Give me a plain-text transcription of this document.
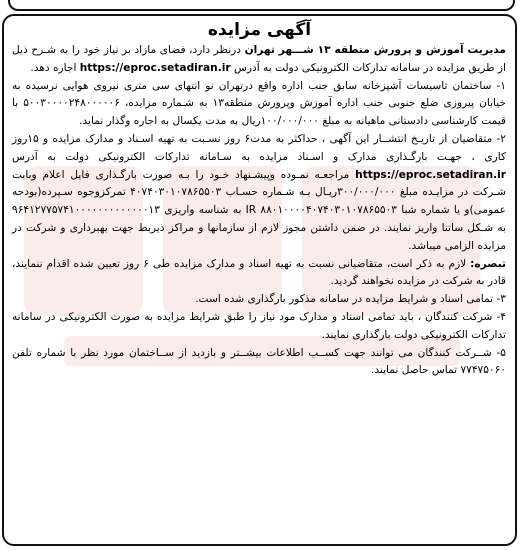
آگهی مزایده

مدیریت آموزش و پرورش منطقه ۱۳ شـــهر تهران درنظر دارد، فضای مازاد بر نیاز خود را به شـرح ذیل از طریق مزایده در سامانه تدارکات الکترونیکی دولت به آدرس https://eproc.setadiran.ir اجاره دهد.

۱- ساختمان تاسیسات آشپزخانه سابق جنب اداره واقع درتهران نو انتهای سی متری نیروی هوایی نرسیده به خیابان پیروزی ضلع جنوبی جنب اداره آموزش وپرورش منطقه۱۳ به شـماره مزایده، ۵۰۰۳۰۰۰۰۲۴۸۰۰۰۰۰۶ با قیمت کارشناسی دادستانی ماهیانه به مبلغ ۱۰۰/۰۰۰/۰۰۰ریال به مدت یکسال به اجاره وگذار نماید.

۲- متقاضیان از تاریـخ انتشــار این آگهی ، حداکثر به مدت۶ روز نسـبت به تهیه اسـناد و مدارک مزایده و ۱۵روز کاری ، جهـت بارگـذاری مدارک و اسـناد مزایده به سـامانه تدارکات الکترونیکی دولت به آدرس https://eproc.setadiran.ir مراجعـه نمـوده وپیشـنهاد خـود را بـه صورت بارگـذاری فایل اعلام وبابت شـرکت در مزایـده مبلغ ۳۰۰/۰۰۰/۰۰۰ریـال بـه شـماره حسـاب ۴۰۷۴۰۳۰۱۰۷۸۶۵۵۰۳ تمرکزوجوه سـپرده(بودجه عمومی)و یا شماره شبا ۸۸۰۱۰۰۰۰۴۰۷۴۰۳۰۱۰۷۸۶۵۵۰۳ IR به شناسه واریزی ۹۶۴۱۲۷۷۵۷۴۱۰۰۰۰۰۰۰۰۰۰۰۰۰۱۳ به شـکل ساتنا واریز نمایند. در ضمن داشتن مجوز لازم از سازمانها و مراکز ذیربط جهت بهبرداری و شرکت در مزایده الزامی میباشد.

تبصره: لازم به ذکر است، متقاضیانی نسبت به تهیه اسناد و مدارک مزایده طی ۶ روز تعیین شده اقدام ننمایند، قادر به شرکت در مزایده نخواهند گردید.

۳- تمامی اسناد و شرایط مزایده در سامانه مذکور بارگذاری شده است.

۴- شرکت کنندگان ، باید تمامی اسناد و مدارک مود نیاز را طبق شرایط مزایده به صورت الکترونیکی در سامانه تدارکات الکترونیکی دولت بارگذاری نمایند.

۵- شــرکت کنندگان می توانند جهت کســب اطلاعات بیشــتر و بازدید از ســاختمان مورد نظر با شماره تلفن ۷۷۴۷۵۰۶۰ تماس حاصل نمایند.
